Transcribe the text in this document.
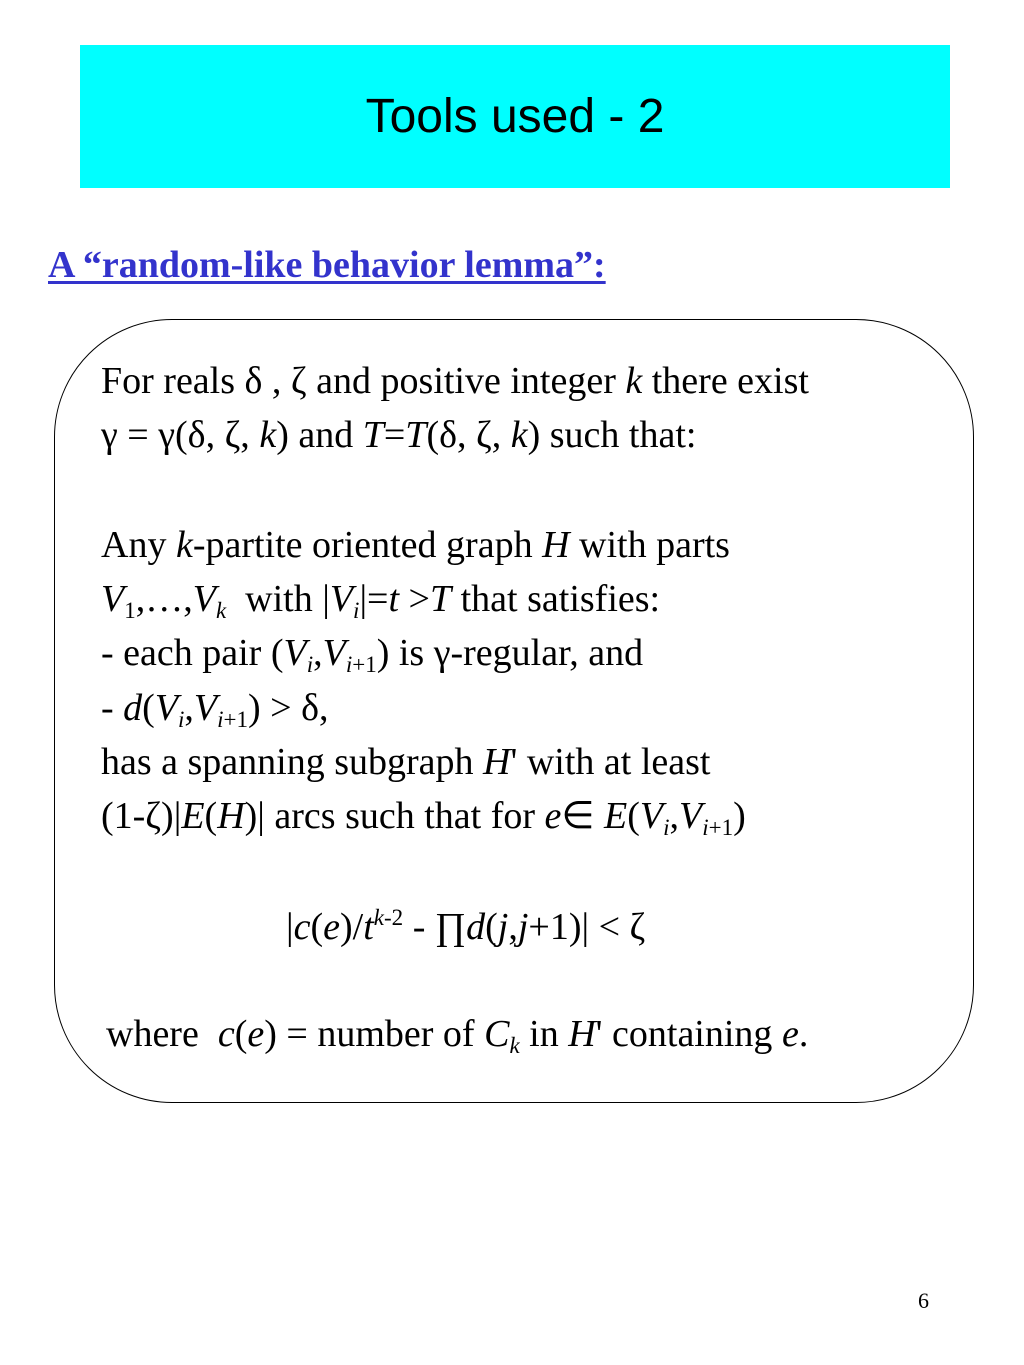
Tools used - 2
A “random-like behavior lemma”:
For reals δ , ζ and positive integer k there exist
γ = γ(δ, ζ, k) and T=T(δ, ζ, k) such that:
Any k-partite oriented graph H with parts
$V_1,\dots,V_k$  with $|V_i|=t >T$ that satisfies:
- each pair $(V_i,V_{i+1})$ is γ-regular, and
- $d(V_i,V_{i+1}) > \delta$,
has a spanning subgraph H' with at least
(1-ζ)|E(H)| arcs such that for e∈ $E(V_i,V_{i+1})$
$|c(e)/t^{k-2}$ - ∏d(j,j+1)| < ζ
where  c(e) = number of $C_k$ in H' containing e.
6
